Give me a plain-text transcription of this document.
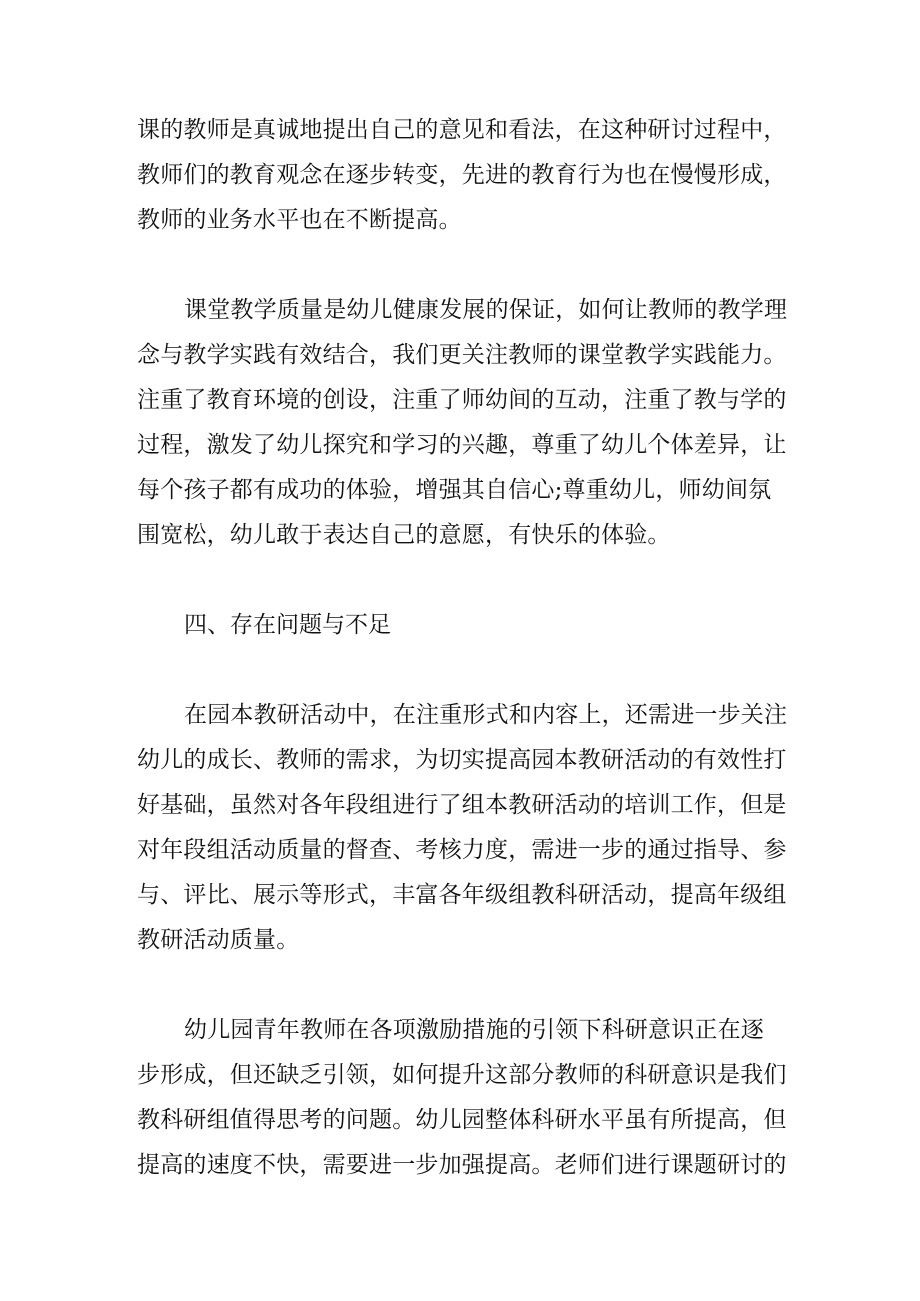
课的教师是真诚地提出自己的意见和看法，在这种研讨过程中，
教师们的教育观念在逐步转变，先进的教育行为也在慢慢形成，
教师的业务水平也在不断提高。

课堂教学质量是幼儿健康发展的保证，如何让教师的教学理
念与教学实践有效结合，我们更关注教师的课堂教学实践能力。
注重了教育环境的创设，注重了师幼间的互动，注重了教与学的
过程，激发了幼儿探究和学习的兴趣，尊重了幼儿个体差异，让
每个孩子都有成功的体验，增强其自信心;尊重幼儿，师幼间氛
围宽松，幼儿敢于表达自己的意愿，有快乐的体验。

四、存在问题与不足

在园本教研活动中，在注重形式和内容上，还需进一步关注
幼儿的成长、教师的需求，为切实提高园本教研活动的有效性打
好基础，虽然对各年段组进行了组本教研活动的培训工作，但是
对年段组活动质量的督查、考核力度，需进一步的通过指导、参
与、评比、展示等形式，丰富各年级组教科研活动，提高年级组
教研活动质量。

幼儿园青年教师在各项激励措施的引领下科研意识正在逐
步形成，但还缺乏引领，如何提升这部分教师的科研意识是我们
教科研组值得思考的问题。幼儿园整体科研水平虽有所提高，但
提高的速度不快，需要进一步加强提高。老师们进行课题研讨的
